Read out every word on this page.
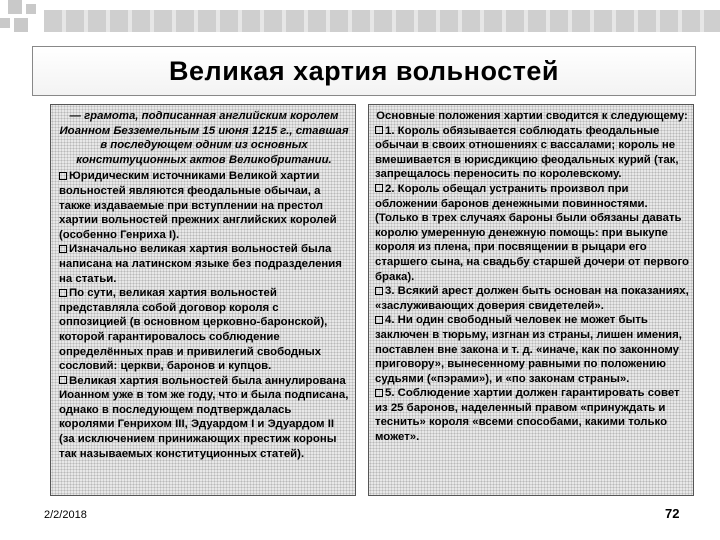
Великая хартия вольностей

— грамота, подписанная английским королем Иоанном Безземельным 15 июня 1215 г., ставшая в последующем одним из основных конституционных актов Великобритании.

Юридическим источниками Великой хартии вольностей являются феодальные обычаи, а также издаваемые при вступлении на престол хартии вольностей прежних английских королей (особенно Генриха I).

Изначально великая хартия вольностей была написана на латинском языке без подразделения на статьи.

По сути, великая хартия вольностей представляла собой договор короля с оппозицией (в основном церковно-баронской), которой гарантировалось соблюдение определённых прав и привилегий свободных сословий: церкви, баронов и купцов.

Великая хартия вольностей была аннулирована Иоанном уже в том же году, что и была подписана, однако в последующем подтверждалась королями Генрихом III, Эдуардом I и Эдуардом II (за исключением принижающих престиж короны так называемых конституционных статей).

Основные положения хартии сводится к следующему:

1. Король обязывается соблюдать феодальные обычаи в своих отношениях с вассалами; король не вмешивается в юрисдикцию феодальных курий (так, запрещалось переносить по королевскому.

2. Король обещал устранить произвол при обложении баронов денежными повинностями. (Только в трех случаях бароны были обязаны давать королю умеренную денежную помощь: при выкупе короля из плена, при посвящении в рыцари его старшего сына, на свадьбу старшей дочери от первого брака).

3. Всякий арест должен быть основан на показаниях, «заслуживающих доверия свидетелей».

4. Ни один свободный человек не может быть заключен в тюрьму, изгнан из страны, лишен имения, поставлен вне закона и т. д. «иначе, как по законному приговору», вынесенному равными по положению судьями («пэрами»), и «по законам страны».

5. Соблюдение хартии должен гарантировать совет из 25 баронов, наделенный правом «принуждать и теснить» короля «всеми способами, какими только может».

2/2/2018	72
